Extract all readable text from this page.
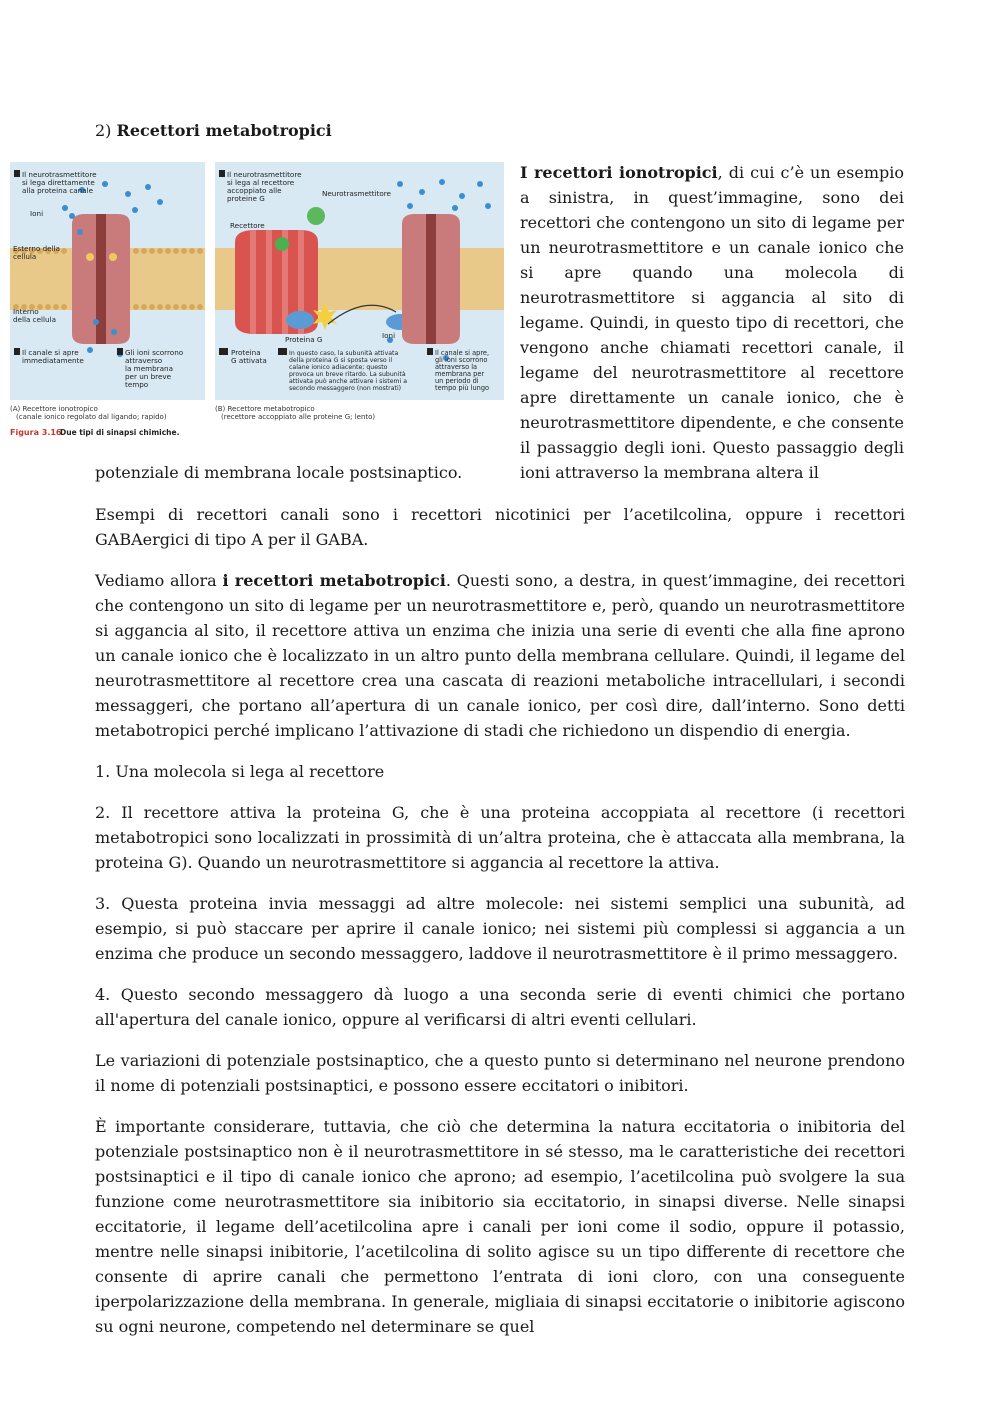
2) Recettori metabotropici
Il neurotrasmettitore
si lega direttamente
alla proteina canale
Ioni
Esterno della
cellula
Interno
della cellula
Il canale si apre
immediatamente
Gli ioni scorrono
attraverso
la membrana
per un breve
tempo
Il neurotrasmettitore
si lega al recettore
accoppiato alle
proteine G
Neurotrasmettitore
Recettore
Proteina G	Ioni
Proteina
G attivata
In questo caso, la subunità attivata
della proteina G si sposta verso il
calane ionico adiacente; questo
provoca un breve ritardo. La subunità
attivata può anche attivare i sistemi a
secondo messaggero (non mostrati)
Il canale si apre,
gli ioni scorrono
attraverso la
membrana per
un periodo di
tempo più lungo
(A) Recettore ionotropico
(canale ionico regolato dal ligando; rapido)
(B) Recettore metabotropico
(recettore accoppiato alle proteine G; lento)
Figura 3.16
Due tipi di sinapsi chimiche.

I recettori ionotropici, di cui c’è un esempio a sinistra, in quest’immagine, sono dei recettori che contengono un sito di legame per un neurotrasmettitore e un canale ionico che si apre quando una molecola di neurotrasmettitore si aggancia al sito di legame. Quindi, in questo tipo di recettori, che vengono anche chiamati recettori canale, il legame del neurotrasmettitore al recettore apre direttamente un canale ionico, che è neurotrasmettitore dipendente, e che consente il passaggio degli ioni. Questo passaggio degli ioni attraverso la membrana altera il

potenziale di membrana locale postsinaptico.

Esempi di recettori canali sono i recettori nicotinici per l’acetilcolina, oppure i recettori GABAergici di tipo A per il GABA.

Vediamo allora i recettori metabotropici. Questi sono, a destra, in quest’immagine, dei recettori che contengono un sito di legame per un neurotrasmettitore e, però, quando un neurotrasmettitore si aggancia al sito, il recettore attiva un enzima che inizia una serie di eventi che alla fine aprono un canale ionico che è localizzato in un altro punto della membrana cellulare. Quindi, il legame del neurotrasmettitore al recettore crea una cascata di reazioni metaboliche intracellulari, i secondi messaggeri, che portano all’apertura di un canale ionico, per così dire, dall’interno. Sono detti metabotropici perché implicano l’attivazione di stadi che richiedono un dispendio di energia.

1. Una molecola si lega al recettore

2. Il recettore attiva la proteina G, che è una proteina accoppiata al recettore (i recettori metabotropici sono localizzati in prossimità di un’altra proteina, che è attaccata alla membrana, la proteina G). Quando un neurotrasmettitore si aggancia al recettore la attiva.

3. Questa proteina invia messaggi ad altre molecole: nei sistemi semplici una subunità, ad esempio, si può staccare per aprire il canale ionico; nei sistemi più complessi si aggancia a un enzima che produce un secondo messaggero, laddove il neurotrasmettitore è il primo messaggero.

4. Questo secondo messaggero dà luogo a una seconda serie di eventi chimici che portano all'apertura del canale ionico, oppure al verificarsi di altri eventi cellulari.

Le variazioni di potenziale postsinaptico, che a questo punto si determinano nel neurone prendono il nome di potenziali postsinaptici, e possono essere eccitatori o inibitori.

È importante considerare, tuttavia, che ciò che determina la natura eccitatoria o inibitoria del potenziale postsinaptico non è il neurotrasmettitore in sé stesso, ma le caratteristiche dei recettori postsinaptici e il tipo di canale ionico che aprono; ad esempio, l’acetilcolina può svolgere la sua funzione come neurotrasmettitore sia inibitorio sia eccitatorio, in sinapsi diverse. Nelle sinapsi eccitatorie, il legame dell’acetilcolina apre i canali per ioni come il sodio, oppure il potassio, mentre nelle sinapsi inibitorie, l’acetilcolina di solito agisce su un tipo differente di recettore che consente di aprire canali che permettono l’entrata di ioni cloro, con una conseguente iperpolarizzazione della membrana. In generale, migliaia di sinapsi eccitatorie o inibitorie agiscono su ogni neurone, competendo nel determinare se quel
